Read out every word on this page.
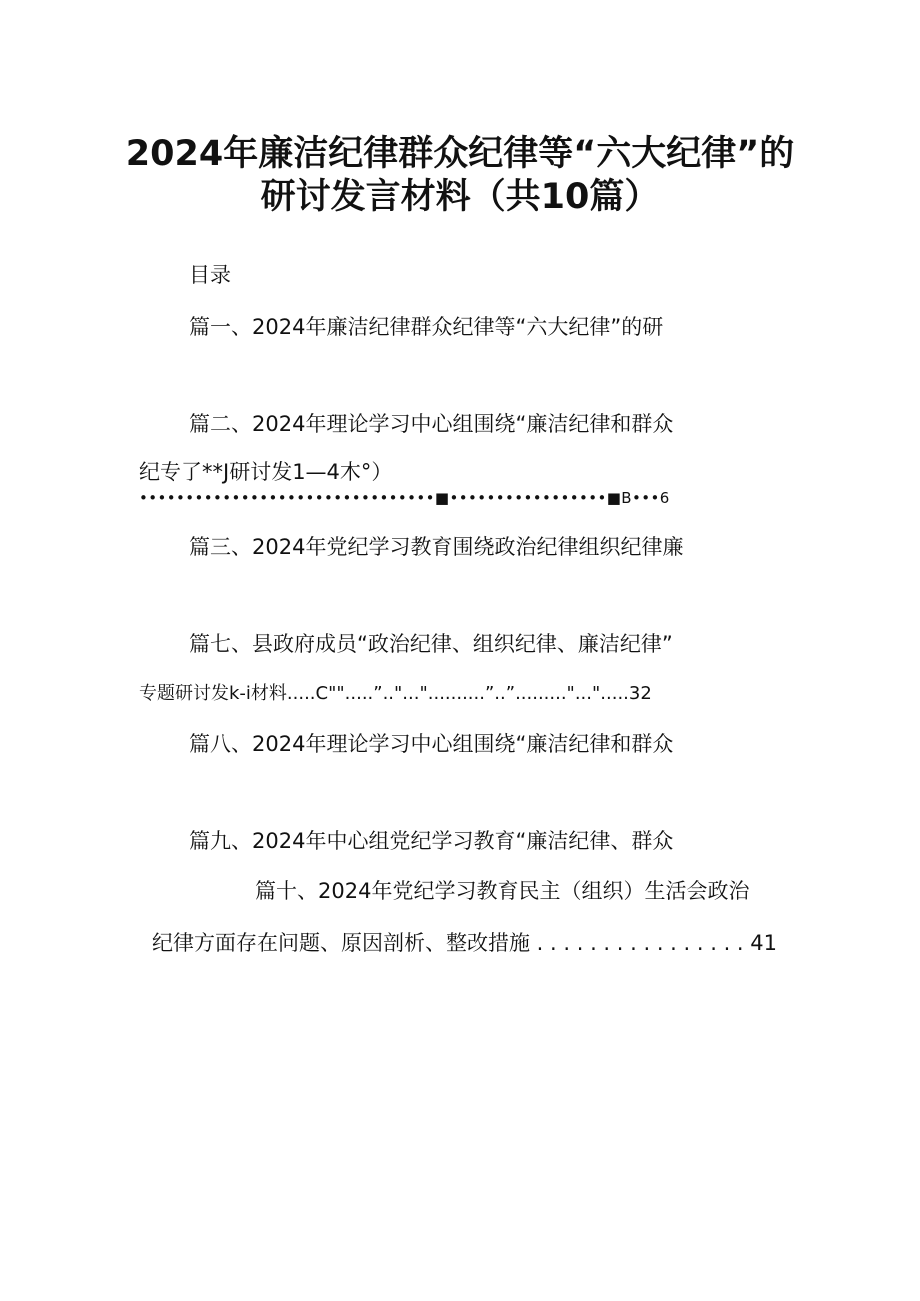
2024年廉洁纪律群众纪律等“六大纪律”的
研讨发言材料（共10篇）
目录
篇一、2024年廉洁纪律群众纪律等“六大纪律”的研
篇二、2024年理论学习中心组围绕“廉洁纪律和群众
纪专了**J研讨发1—4木°）
••••••••••••••••••••••••••••••••■•••••••••••••••••■B•••6
篇三、2024年党纪学习教育围绕政治纪律组织纪律廉
篇七、县政府成员“政治纪律、组织纪律、廉洁纪律”
专题研讨发k-i材料.....C"".....”.."..."..........”..”........."...".....32
篇八、2024年理论学习中心组围绕“廉洁纪律和群众
篇九、2024年中心组党纪学习教育“廉洁纪律、群众
篇十、2024年党纪学习教育民主（组织）生活会政治
纪律方面存在问题、原因剖析、整改措施 . . . . . . . . . . . . . . . . 41
